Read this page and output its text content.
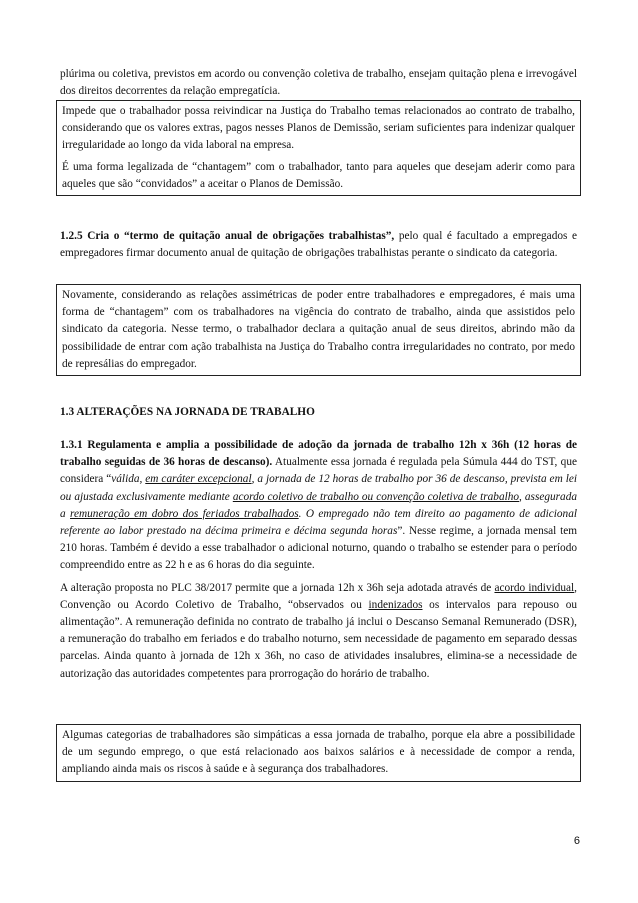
plúrima ou coletiva, previstos em acordo ou convenção coletiva de trabalho, ensejam quitação plena e irrevogável dos direitos decorrentes da relação empregatícia.

Impede que o trabalhador possa reivindicar na Justiça do Trabalho temas relacionados ao contrato de trabalho, considerando que os valores extras, pagos nesses Planos de Demissão, seriam suficientes para indenizar qualquer irregularidade ao longo da vida laboral na empresa.

É uma forma legalizada de “chantagem” com o trabalhador, tanto para aqueles que desejam aderir como para aqueles que são “convidados” a aceitar o Planos de Demissão.

1.2.5 Cria o “termo de quitação anual de obrigações trabalhistas”, pelo qual é facultado a empregados e empregadores firmar documento anual de quitação de obrigações trabalhistas perante o sindicato da categoria.

Novamente, considerando as relações assimétricas de poder entre trabalhadores e empregadores, é mais uma forma de “chantagem” com os trabalhadores na vigência do contrato de trabalho, ainda que assistidos pelo sindicato da categoria. Nesse termo, o trabalhador declara a quitação anual de seus direitos, abrindo mão da possibilidade de entrar com ação trabalhista na Justiça do Trabalho contra irregularidades no contrato, por medo de represálias do empregador.

1.3 ALTERAÇÕES NA JORNADA DE TRABALHO

1.3.1 Regulamenta e amplia a possibilidade de adoção da jornada de trabalho 12h x 36h (12 horas de trabalho seguidas de 36 horas de descanso). Atualmente essa jornada é regulada pela Súmula 444 do TST, que considera “válida, em caráter excepcional, a jornada de 12 horas de trabalho por 36 de descanso, prevista em lei ou ajustada exclusivamente mediante acordo coletivo de trabalho ou convenção coletiva de trabalho, assegurada a remuneração em dobro dos feriados trabalhados. O empregado não tem direito ao pagamento de adicional referente ao labor prestado na décima primeira e décima segunda horas”. Nesse regime, a jornada mensal tem 210 horas. Também é devido a esse trabalhador o adicional noturno, quando o trabalho se estender para o período compreendido entre as 22 h e as 6 horas do dia seguinte.

A alteração proposta no PLC 38/2017 permite que a jornada 12h x 36h seja adotada através de acordo individual, Convenção ou Acordo Coletivo de Trabalho, “observados ou indenizados os intervalos para repouso ou alimentação”. A remuneração definida no contrato de trabalho já inclui o Descanso Semanal Remunerado (DSR), a remuneração do trabalho em feriados e do trabalho noturno, sem necessidade de pagamento em separado dessas parcelas. Ainda quanto à jornada de 12h x 36h, no caso de atividades insalubres, elimina-se a necessidade de autorização das autoridades competentes para prorrogação do horário de trabalho.

Algumas categorias de trabalhadores são simpáticas a essa jornada de trabalho, porque ela abre a possibilidade de um segundo emprego, o que está relacionado aos baixos salários e à necessidade de compor a renda, ampliando ainda mais os riscos à saúde e à segurança dos trabalhadores.

6
